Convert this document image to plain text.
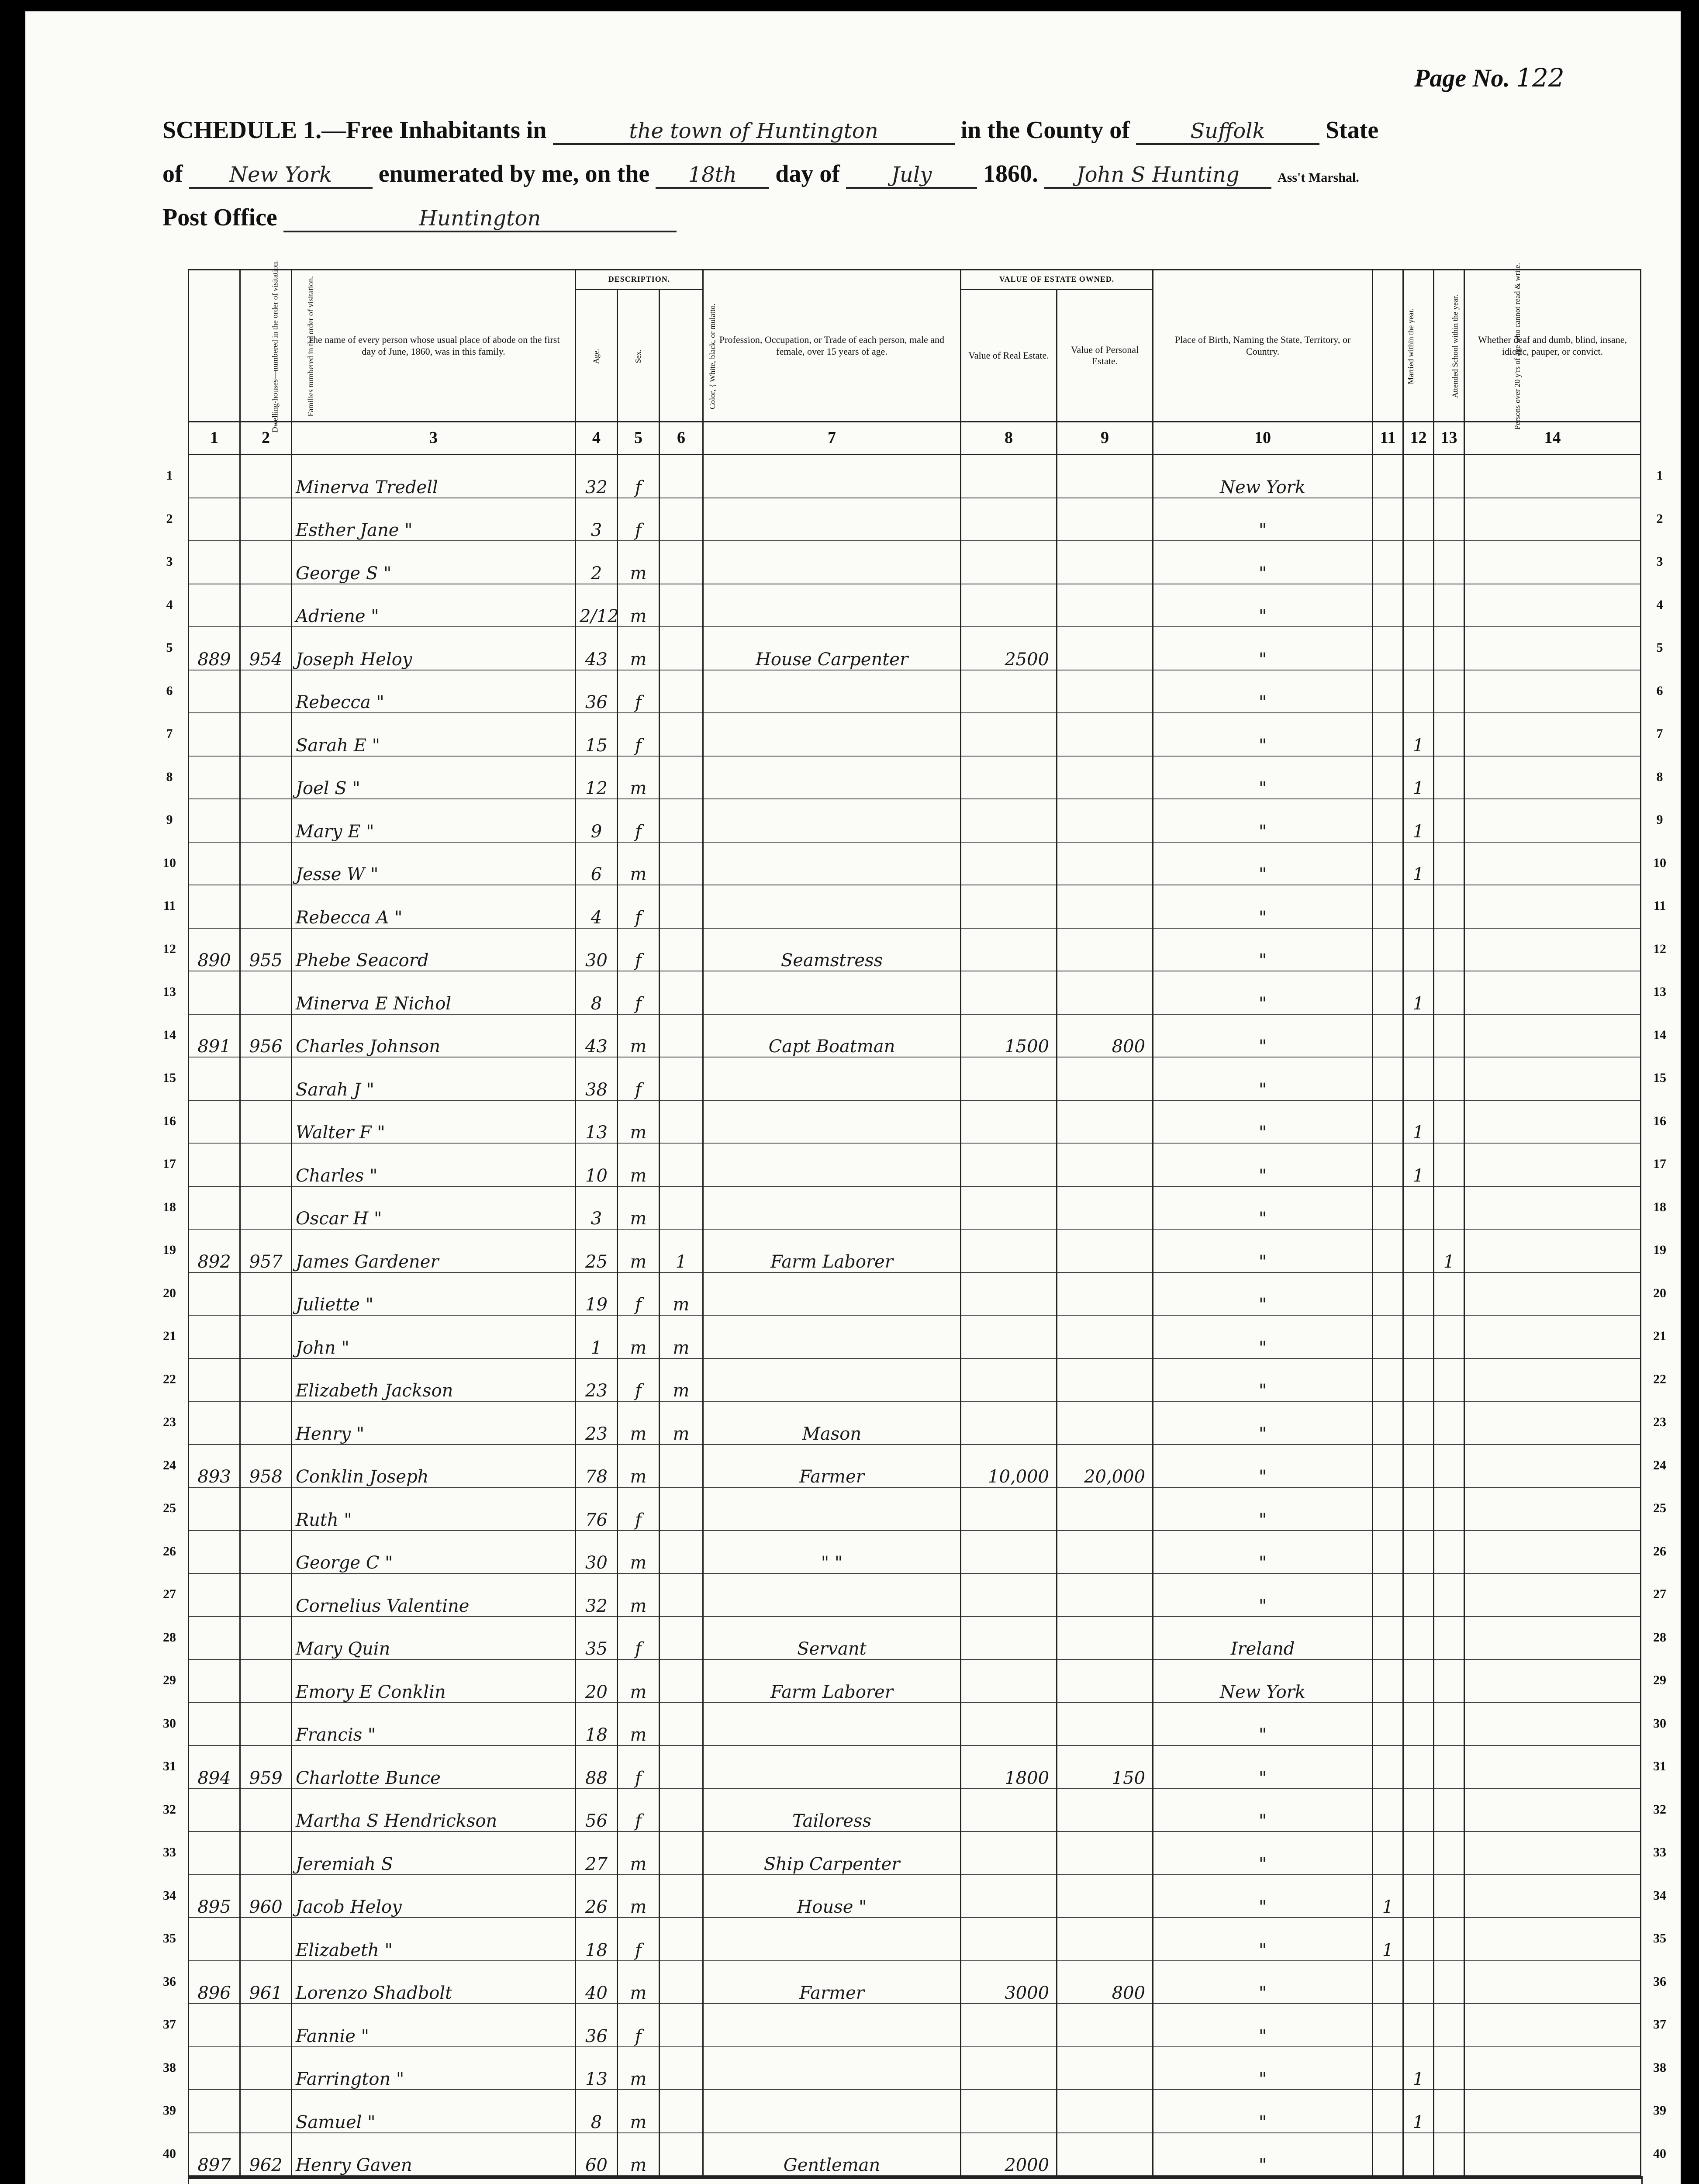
Page No. 122
SCHEDULE 1.—Free Inhabitants in	the town of Huntington	in the County of	Suffolk State
of New York enumerated by me, on the 18th day of July 1860. John S Hunting	Ass't Marshal.
Post Office	Huntington
Dwelling-houses—numbered in the order of visitation.	Families numbered in the order of visitation.	The name of every person whose usual place of abode on the first day of June, 1860, was in this family.	DESCRIPTION.			Profession, Occupation, or Trade of each person, male and female, over 15 years of age.	VALUE OF ESTATE OWNED.		Place of Birth, Naming the State, Territory, or Country.	Married within the year.	Attended School within the year.	Persons over 20 y'rs of age who cannot read & write.	Whether deaf and dumb, blind, insane, idiotic, pauper, or convict.
			Age.	Sex.	Color, { White, black, or mulatto.		Value of Real Estate.	Value of Personal Estate.					
1	2	3	4	5	6	7	8	9	10	11	12	13	14
		Minerva Tredell	32	f					New York				
		Esther Jane "	3	f					"				
		George S "	2	m					"				
		Adriene "	2/12	m					"				
889	954	Joseph Heloy	43	m		House Carpenter	2500		"				
		Rebecca "	36	f					"				
		Sarah E "	15	f					"		1		
		Joel S "	12	m					"		1		
		Mary E "	9	f					"		1		
		Jesse W "	6	m					"		1		
		Rebecca A "	4	f					"				
890	955	Phebe Seacord	30	f		Seamstress			"				
		Minerva E Nichol	8	f					"		1		
891	956	Charles Johnson	43	m		Capt Boatman	1500	800	"				
		Sarah J "	38	f					"				
		Walter F "	13	m					"		1		
		Charles "	10	m					"		1		
		Oscar H "	3	m					"				
892	957	James Gardener	25	m	1	Farm Laborer			"			1	
		Juliette "	19	f	m				"				
		John "	1	m	m				"				
		Elizabeth Jackson	23	f	m				"				
		Henry "	23	m	m	Mason			"				
893	958	Conklin Joseph	78	m		Farmer	10,000	20,000	"				
		Ruth "	76	f					"				
		George C "	30	m		" "			"				
		Cornelius Valentine	32	m					"				
		Mary Quin	35	f		Servant			Ireland				
		Emory E Conklin	20	m		Farm Laborer			New York				
		Francis "	18	m					"				
894	959	Charlotte Bunce	88	f			1800	150	"				
		Martha S Hendrickson	56	f		Tailoress			"				
		Jeremiah S	27	m		Ship Carpenter			"				
895	960	Jacob Heloy	26	m		House "			"	1			
		Elizabeth "	18	f					"	1			
896	961	Lorenzo Shadbolt	40	m		Farmer	3000	800	"				
		Fannie "	36	f					"				
		Farrington "	13	m					"		1		
		Samuel "	8	m					"		1		
897	962	Henry Gaven	60	m		Gentleman	2000		"				
1
2
3
4
5
6
7
8
9
10
11
12
13
14
15
16
17
18
19
20
21
22
23
24
25
26
27
28
29
30
31
32
33
34
35
36
37
38
39
40
1
2
3
4
5
6
7
8
9
10
11
12
13
14
15
16
17
18
19
20
21
22
23
24
25
26
27
28
29
30
31
32
33
34
35
36
37
38
39
40
